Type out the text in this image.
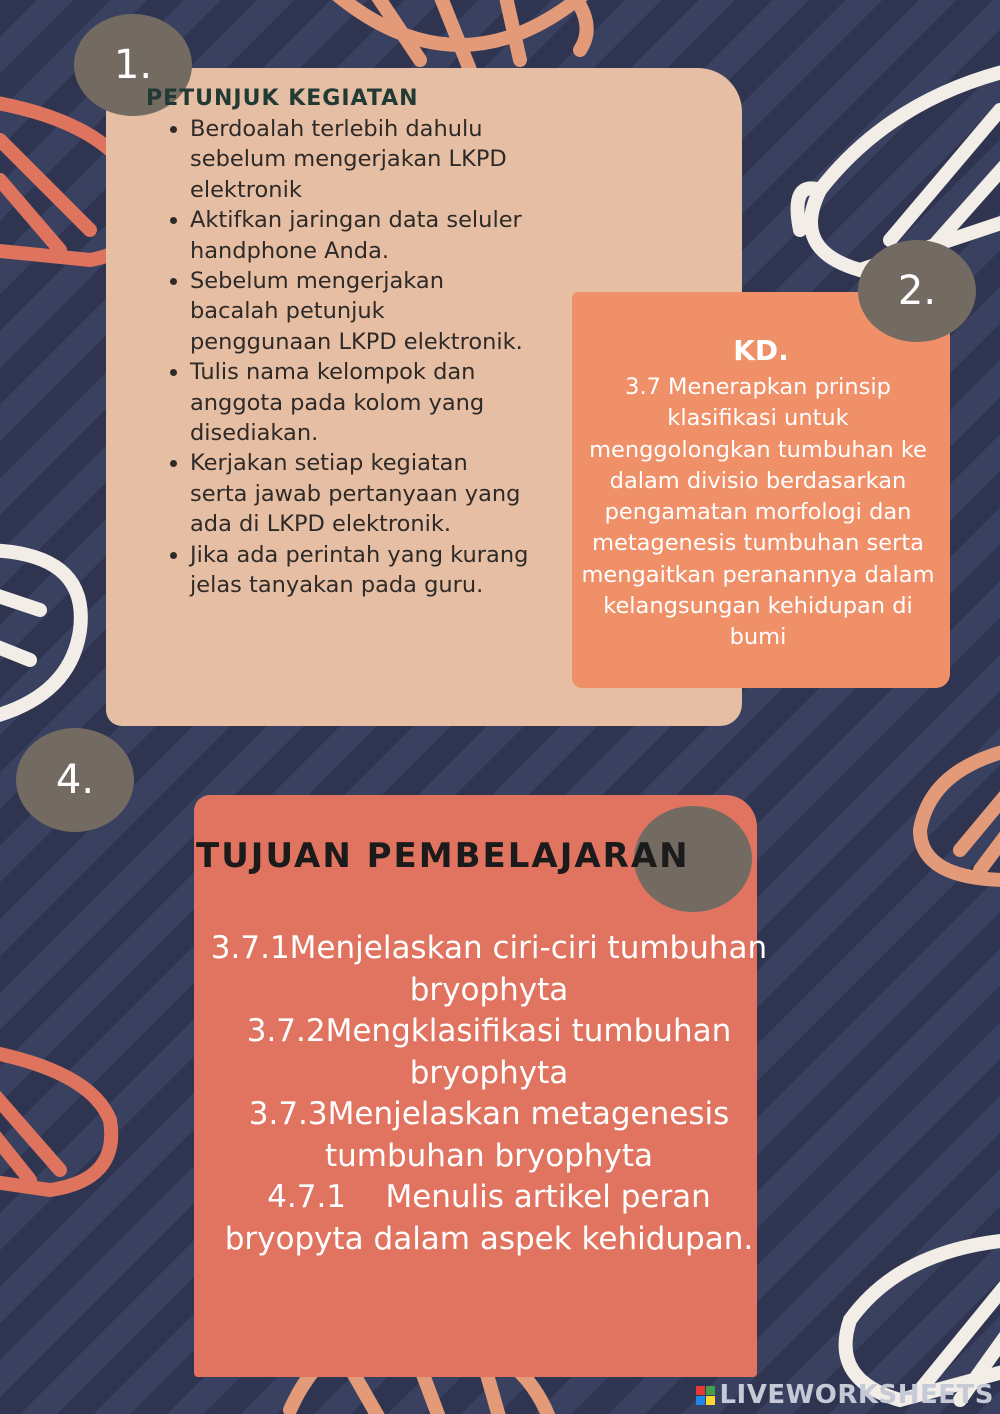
1.
2.
4.
PETUNJUK KEGIATAN
• Berdoalah terlebih dahulu sebelum mengerjakan LKPD elektronik
• Aktifkan jaringan data seluler handphone Anda.
• Sebelum mengerjakan bacalah petunjuk penggunaan LKPD elektronik.
• Tulis nama kelompok dan anggota pada kolom yang disediakan.
• Kerjakan setiap kegiatan serta jawab pertanyaan yang ada di LKPD elektronik.
• Jika ada perintah yang kurang jelas tanyakan pada guru.
KD.

3.7 Menerapkan prinsip klasifikasi untuk menggolongkan tumbuhan ke dalam divisio berdasarkan pengamatan morfologi dan metagenesis tumbuhan serta mengaitkan peranannya dalam kelangsungan kehidupan di bumi

TUJUAN PEMBELAJARAN
3.7.1Menjelaskan ciri-ciri tumbuhan bryophyta
3.7.2Mengklasifikasi tumbuhan bryophyta
3.7.3Menjelaskan metagenesis tumbuhan bryophyta
4.7.1    Menulis artikel peran bryopyta dalam aspek kehidupan.
LIVEWORKSHEETS
